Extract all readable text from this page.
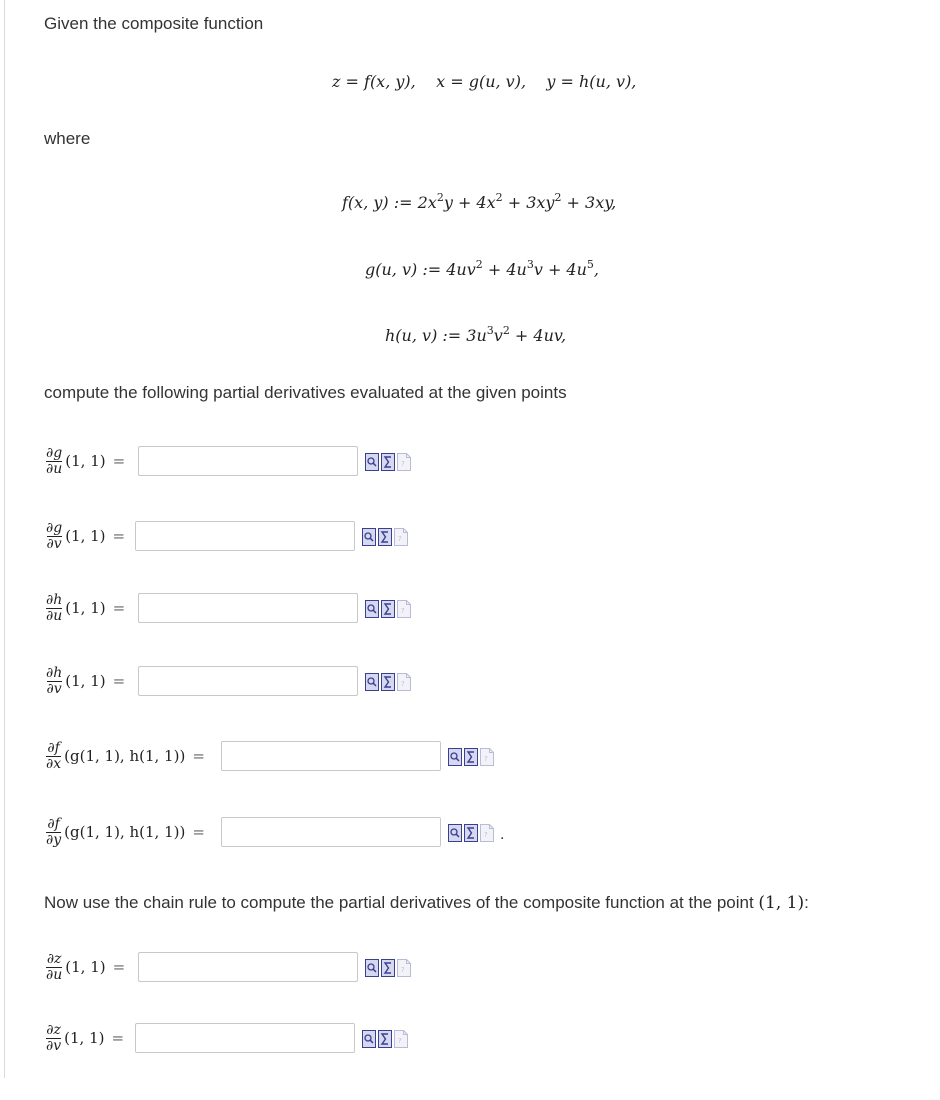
Given the composite function
z = f(x, y), x = g(u, v), y = h(u, v),
where
f(x, y) := $2x^2y + 4x^2 + 3xy^2 + 3xy$,
g(u, v) := $4uv^2 + 4u^3v + 4u^5$,
h(u, v) := $3u^3v^2 + 4uv$,
compute the following partial derivatives evaluated at the given points
$\frac{\partial g}{\partial u} (1$, 1) =	?
$\frac{\partial g}{\partial v} (1$, 1) =	?
$\frac{\partial h}{\partial u} (1$, 1) =	?
$\frac{\partial h}{\partial v} (1$, 1) =	?
$\frac{\partial f}{\partial x} (g(1$, 1), h(1, 1)) =	?
$\frac{\partial f}{\partial y} (g(1$, 1), h(1, 1)) =	? .
Now use the chain rule to compute the partial derivatives of the composite function at the point (1, 1):
$\frac{\partial z}{\partial u} (1$, 1) =	?
$\frac{\partial z}{\partial v} (1$, 1) =	?
